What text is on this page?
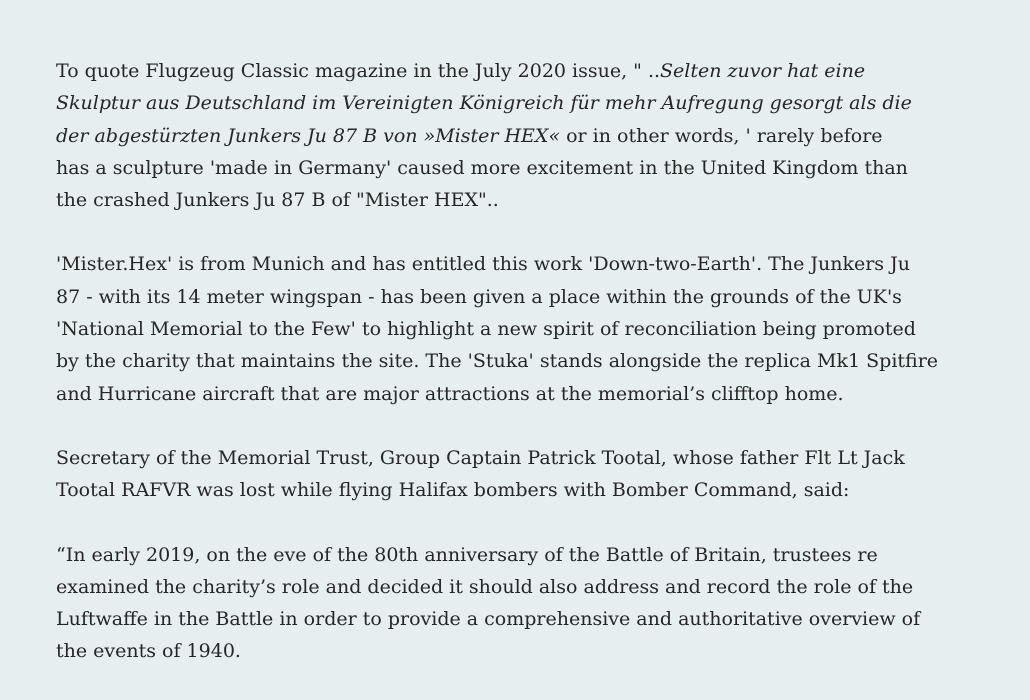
To quote Flugzeug Classic magazine in the July 2020 issue, " ..Selten zuvor hat eine
Skulptur aus Deutschland im Vereinigten Königreich für mehr Aufregung gesorgt als die
der abgestürzten Junkers Ju 87 B von »Mister HEX« or in other words, ' rarely before
has a sculpture 'made in Germany' caused more excitement in the United Kingdom than
the crashed Junkers Ju 87 B of "Mister HEX"..

'Mister.Hex' is from Munich and has entitled this work 'Down-two-Earth'. The Junkers Ju
87 - with its 14 meter wingspan - has been given a place within the grounds of the UK's
'National Memorial to the Few' to highlight a new spirit of reconciliation being promoted
by the charity that maintains the site. The 'Stuka' stands alongside the replica Mk1 Spitfire
and Hurricane aircraft that are major attractions at the memorial’s clifftop home.

Secretary of the Memorial Trust, Group Captain Patrick Tootal, whose father Flt Lt Jack
Tootal RAFVR was lost while flying Halifax bombers with Bomber Command, said:

“In early 2019, on the eve of the 80th anniversary of the Battle of Britain, trustees re
examined the charity’s role and decided it should also address and record the role of the
Luftwaffe in the Battle in order to provide a comprehensive and authoritative overview of
the events of 1940.
